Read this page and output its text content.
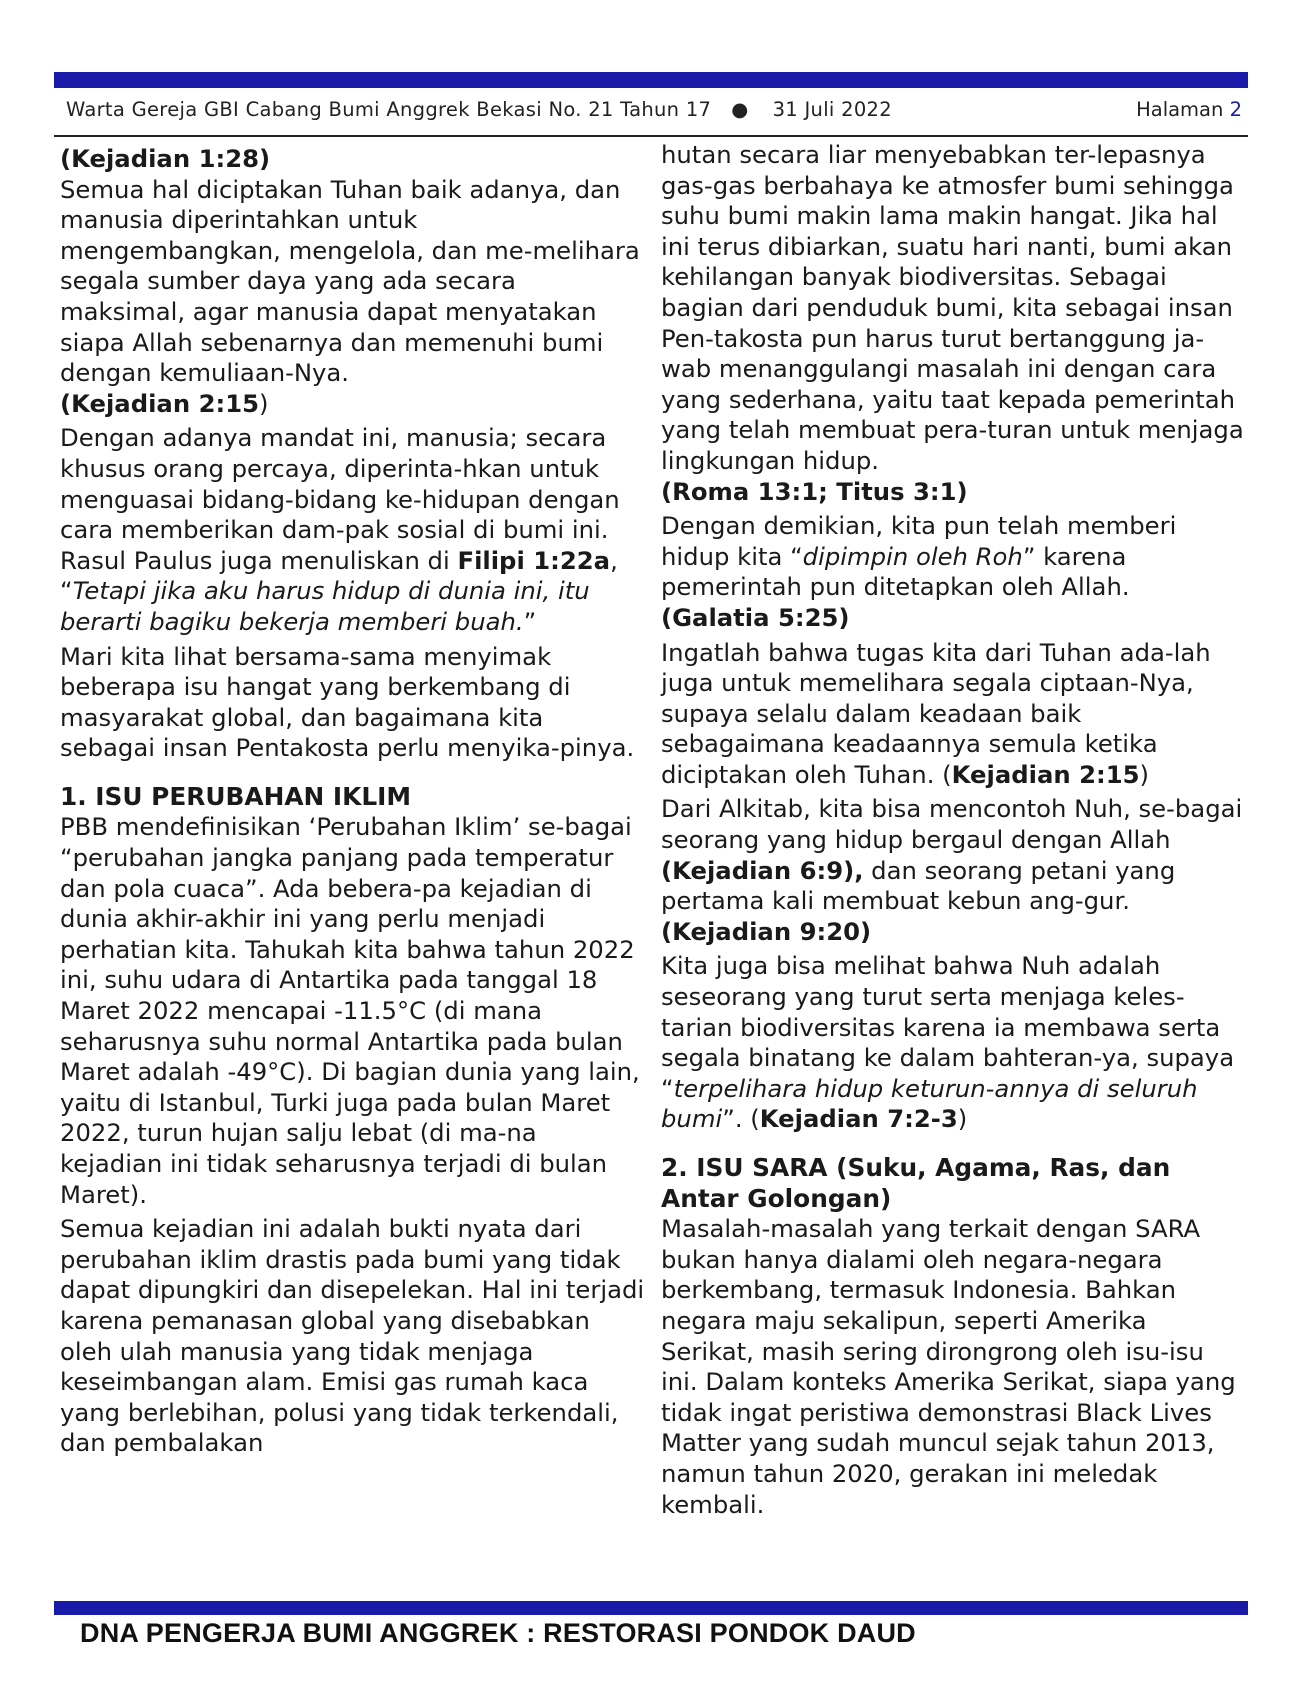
Warta Gereja GBI Cabang Bumi Anggrek Bekasi No. 21 Tahun 17 ● 31 Juli 2022	Halaman 2

(Kejadian 1:28)

Semua hal diciptakan Tuhan baik adanya, dan manusia diperintahkan untuk mengembangkan, mengelola, dan me-melihara segala sumber daya yang ada secara maksimal, agar manusia dapat menyatakan siapa Allah sebenarnya dan memenuhi bumi dengan kemuliaan-Nya.

(Kejadian 2:15)

Dengan adanya mandat ini, manusia; secara khusus orang percaya, diperinta-hkan untuk menguasai bidang-bidang ke-hidupan dengan cara memberikan dam-pak sosial di bumi ini. Rasul Paulus juga menuliskan di Filipi 1:22a, “Tetapi jika aku harus hidup di dunia ini, itu berarti bagiku bekerja memberi buah.”

Mari kita lihat bersama-sama menyimak beberapa isu hangat yang berkembang di masyarakat global, dan bagaimana kita sebagai insan Pentakosta perlu menyika-pinya.

1. ISU PERUBAHAN IKLIM

PBB mendefinisikan ‘Perubahan Iklim’ se-bagai “perubahan jangka panjang pada temperatur dan pola cuaca”. Ada bebera-pa kejadian di dunia akhir-akhir ini yang perlu menjadi perhatian kita. Tahukah kita bahwa tahun 2022 ini, suhu udara di Antartika pada tanggal 18 Maret 2022 mencapai -11.5°C (di mana seharusnya suhu normal Antartika pada bulan Maret adalah -49°C). Di bagian dunia yang lain, yaitu di Istanbul, Turki juga pada bulan Maret 2022, turun hujan salju lebat (di ma-na kejadian ini tidak seharusnya terjadi di bulan Maret).

Semua kejadian ini adalah bukti nyata dari perubahan iklim drastis pada bumi yang tidak dapat dipungkiri dan disepelekan. Hal ini terjadi karena pemanasan global yang disebabkan oleh ulah manusia yang tidak menjaga keseimbangan alam. Emisi gas rumah kaca yang berlebihan, polusi yang tidak terkendali, dan pembalakan

hutan secara liar menyebabkan ter-lepasnya gas-gas berbahaya ke atmosfer bumi sehingga suhu bumi makin lama makin hangat. Jika hal ini terus dibiarkan, suatu hari nanti, bumi akan kehilangan banyak biodiversitas. Sebagai bagian dari penduduk bumi, kita sebagai insan Pen-takosta pun harus turut bertanggung ja-wab menanggulangi masalah ini dengan cara yang sederhana, yaitu taat kepada pemerintah yang telah membuat pera-turan untuk menjaga lingkungan hidup.

(Roma 13:1; Titus 3:1)

Dengan demikian, kita pun telah memberi hidup kita “dipimpin oleh Roh” karena pemerintah pun ditetapkan oleh Allah.

(Galatia 5:25)

Ingatlah bahwa tugas kita dari Tuhan ada-lah juga untuk memelihara segala ciptaan-Nya, supaya selalu dalam keadaan baik sebagaimana keadaannya semula ketika diciptakan oleh Tuhan. (Kejadian 2:15)

Dari Alkitab, kita bisa mencontoh Nuh, se-bagai seorang yang hidup bergaul dengan Allah (Kejadian 6:9), dan seorang petani yang pertama kali membuat kebun ang-gur. (Kejadian 9:20)

Kita juga bisa melihat bahwa Nuh adalah seseorang yang turut serta menjaga keles-tarian biodiversitas karena ia membawa serta segala binatang ke dalam bahteran-ya, supaya “terpelihara hidup keturun-annya di seluruh bumi”. (Kejadian 7:2-3)

2. ISU SARA (Suku, Agama, Ras, dan Antar Golongan)

Masalah-masalah yang terkait dengan SARA bukan hanya dialami oleh negara-negara berkembang, termasuk Indonesia. Bahkan negara maju sekalipun, seperti Amerika Serikat, masih sering dirongrong oleh isu-isu ini. Dalam konteks Amerika Serikat, siapa yang tidak ingat peristiwa demonstrasi Black Lives Matter yang sudah muncul sejak tahun 2013, namun tahun 2020, gerakan ini meledak kembali.

DNA PENGERJA BUMI ANGGREK : RESTORASI PONDOK DAUD
